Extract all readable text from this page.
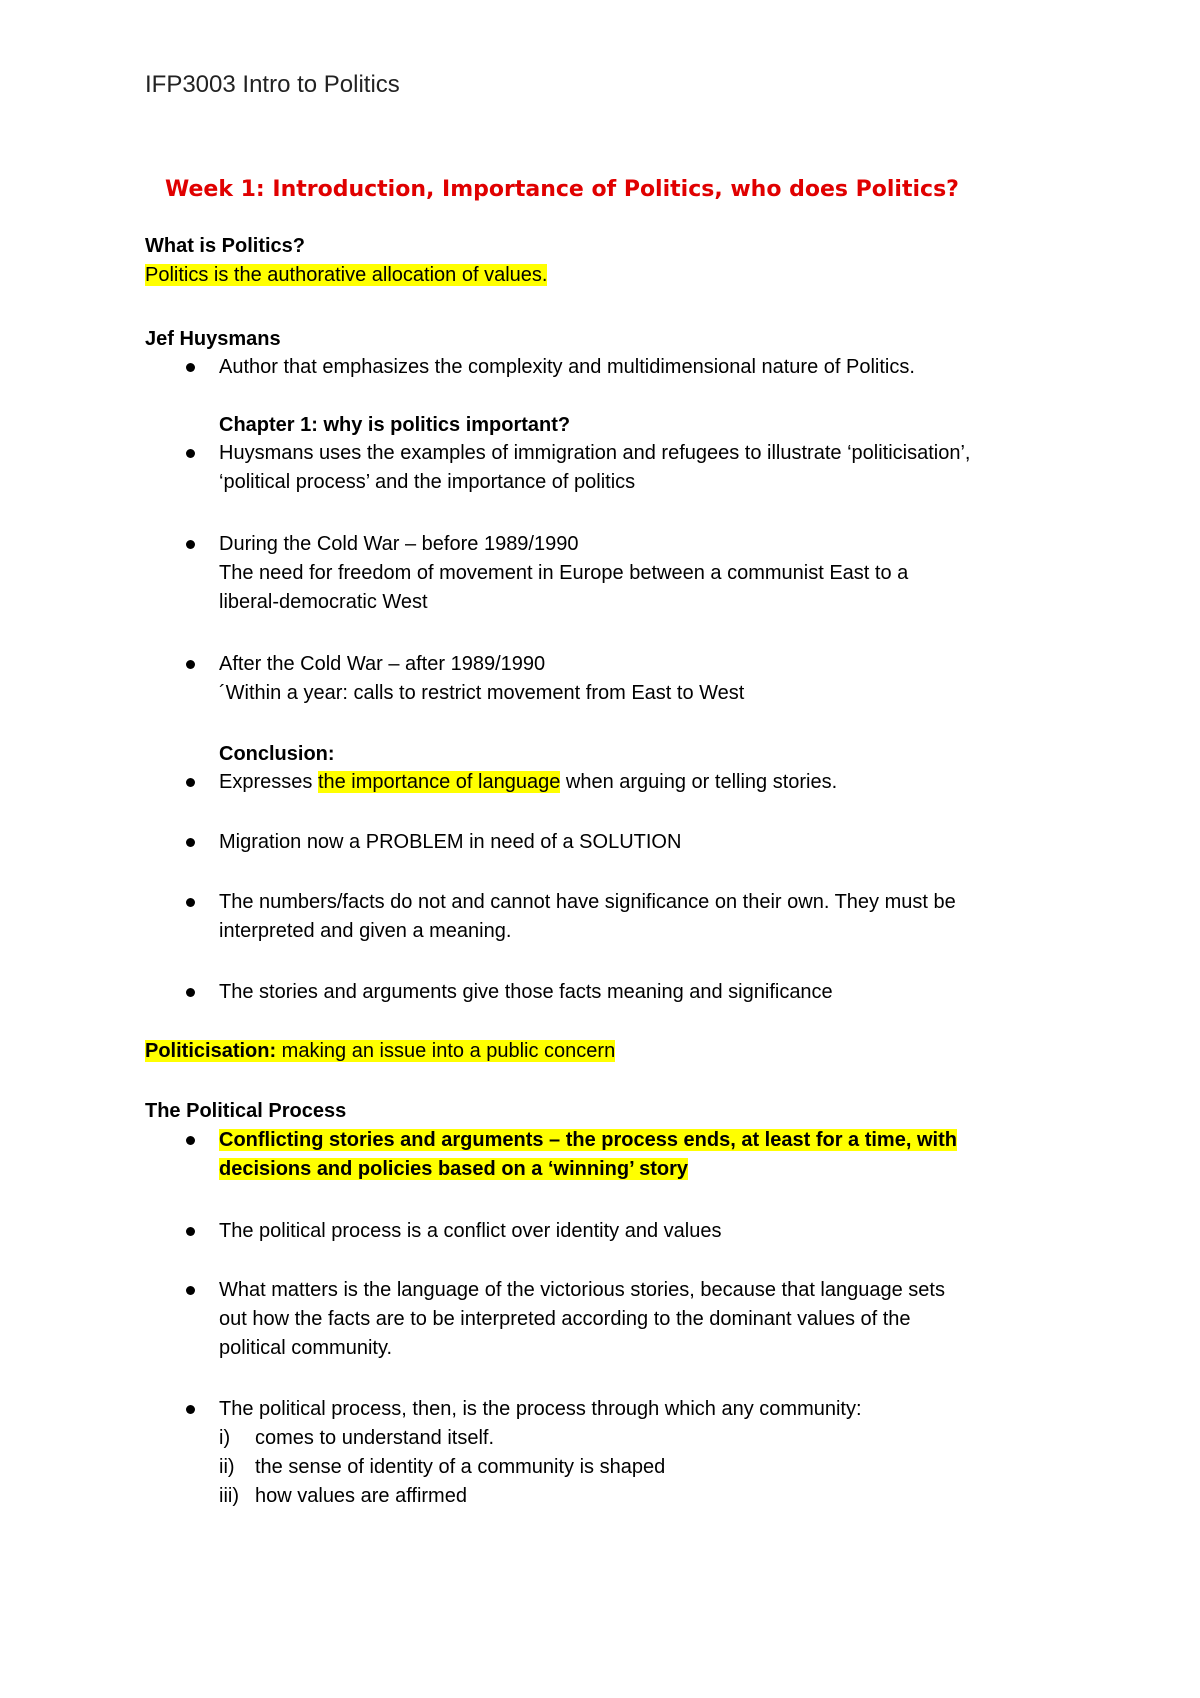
IFP3003 Intro to Politics
Week 1: Introduction, Importance of Politics, who does Politics?
What is Politics?
Politics is the authorative allocation of values.
Jef Huysmans
Author that emphasizes the complexity and multidimensional nature of Politics.
Chapter 1: why is politics important?
Huysmans uses the examples of immigration and refugees to illustrate ‘politicisation’,
‘political process’ and the importance of politics
During the Cold War – before 1989/1990
The need for freedom of movement in Europe between a communist East to a
liberal-democratic West
After the Cold War – after 1989/1990
´Within a year: calls to restrict movement from East to West
Conclusion:
Expresses the importance of language when arguing or telling stories.
Migration now a PROBLEM in need of a SOLUTION
The numbers/facts do not and cannot have significance on their own. They must be
interpreted and given a meaning.
The stories and arguments give those facts meaning and significance
Politicisation: making an issue into a public concern
The Political Process
Conflicting stories and arguments – the process ends, at least for a time, with
decisions and policies based on a ‘winning’ story
The political process is a conflict over identity and values
What matters is the language of the victorious stories, because that language sets
out how the facts are to be interpreted according to the dominant values of the
political community.
The political process, then, is the process through which any community:
i) comes to understand itself.
ii) the sense of identity of a community is shaped
iii) how values are affirmed
